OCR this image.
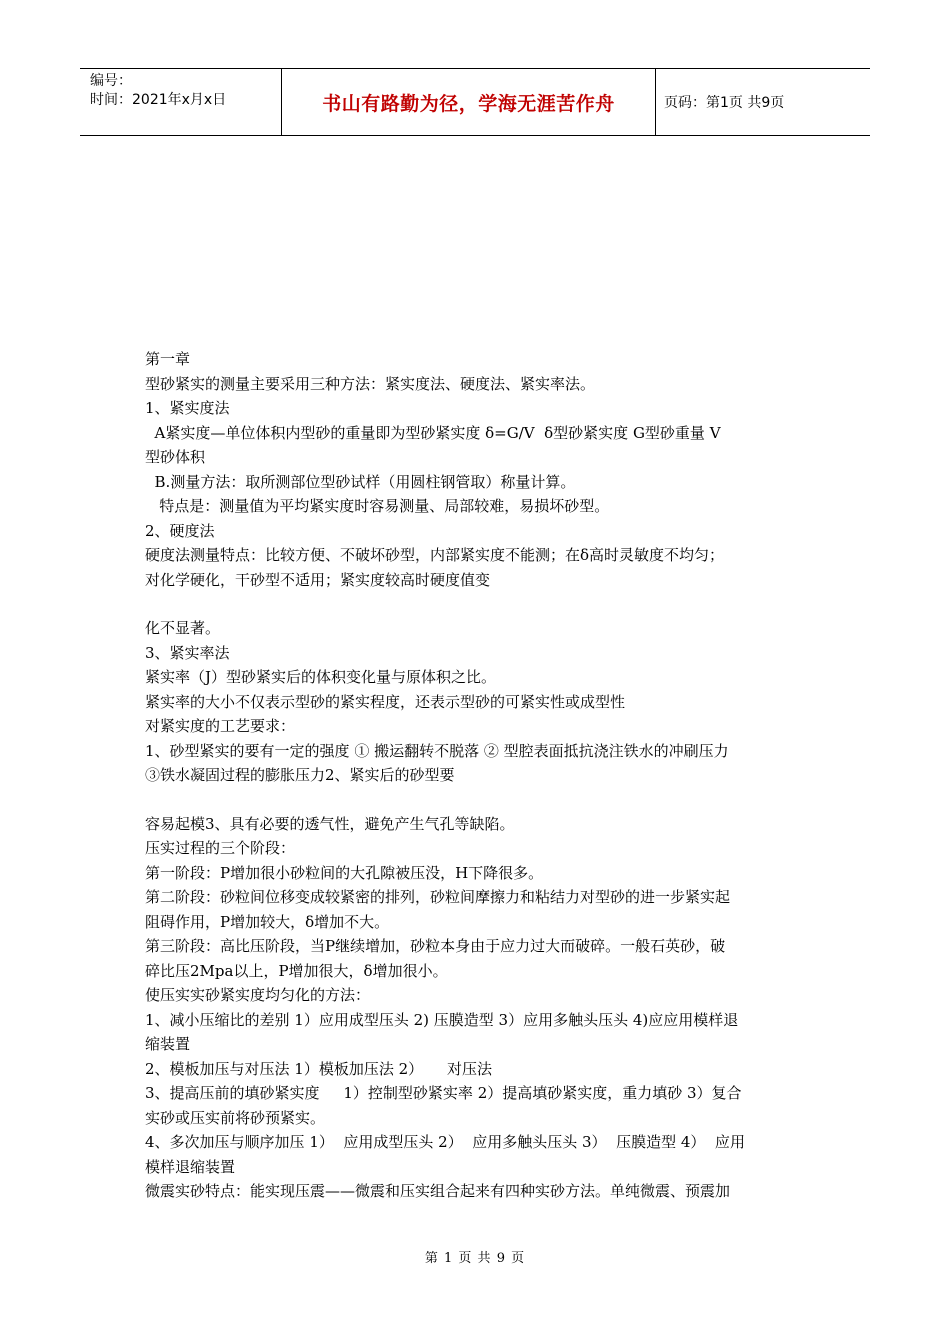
编号：
时间：2021年x月x日	书山有路勤为径，学海无涯苦作舟	页码：第1页 共9页
第一章
型砂紧实的测量主要采用三种方法：紧实度法、硬度法、紧实率法。
1、紧实度法
A紧实度—单位体积内型砂的重量即为型砂紧实度 δ=G/V  δ型砂紧实度 G型砂重量 V
型砂体积
B.测量方法：取所测部位型砂试样（用圆柱钢管取）称量计算。
特点是：测量值为平均紧实度时容易测量、局部较难，易损坏砂型。
2、硬度法
硬度法测量特点：比较方便、不破坏砂型，内部紧实度不能测；在δ高时灵敏度不均匀；
对化学硬化，干砂型不适用；紧实度较高时硬度值变
化不显著。
3、紧实率法
紧实率（J）型砂紧实后的体积变化量与原体积之比。
紧实率的大小不仅表示型砂的紧实程度，还表示型砂的可紧实性或成型性
对紧实度的工艺要求：
1、砂型紧实的要有一定的强度 ① 搬运翻转不脱落 ② 型腔表面抵抗浇注铁水的冲刷压力
③铁水凝固过程的膨胀压力2、紧实后的砂型要
容易起模3、具有必要的透气性，避免产生气孔等缺陷。
压实过程的三个阶段：
第一阶段：P增加很小砂粒间的大孔隙被压没，H下降很多。
第二阶段：砂粒间位移变成较紧密的排列，砂粒间摩擦力和粘结力对型砂的进一步紧实起
阻碍作用，P增加较大，δ增加不大。
第三阶段：高比压阶段，当P继续增加，砂粒本身由于应力过大而破碎。一般石英砂，破
碎比压2Mpa以上，P增加很大，δ增加很小。
使压实实砂紧实度均匀化的方法：
1、减小压缩比的差别 1）应用成型压头 2) 压膜造型 3）应用多触头压头 4)应应用模样退
缩装置
2、模板加压与对压法 1）模板加压法 2）     对压法
3、提高压前的填砂紧实度     1）控制型砂紧实率 2）提高填砂紧实度，重力填砂 3）复合
实砂或压实前将砂预紧实。
4、多次加压与顺序加压 1）  应用成型压头 2）  应用多触头压头 3）  压膜造型 4）  应用
模样退缩装置
微震实砂特点：能实现压震——微震和压实组合起来有四种实砂方法。单纯微震、预震加
第 1 页 共 9 页
